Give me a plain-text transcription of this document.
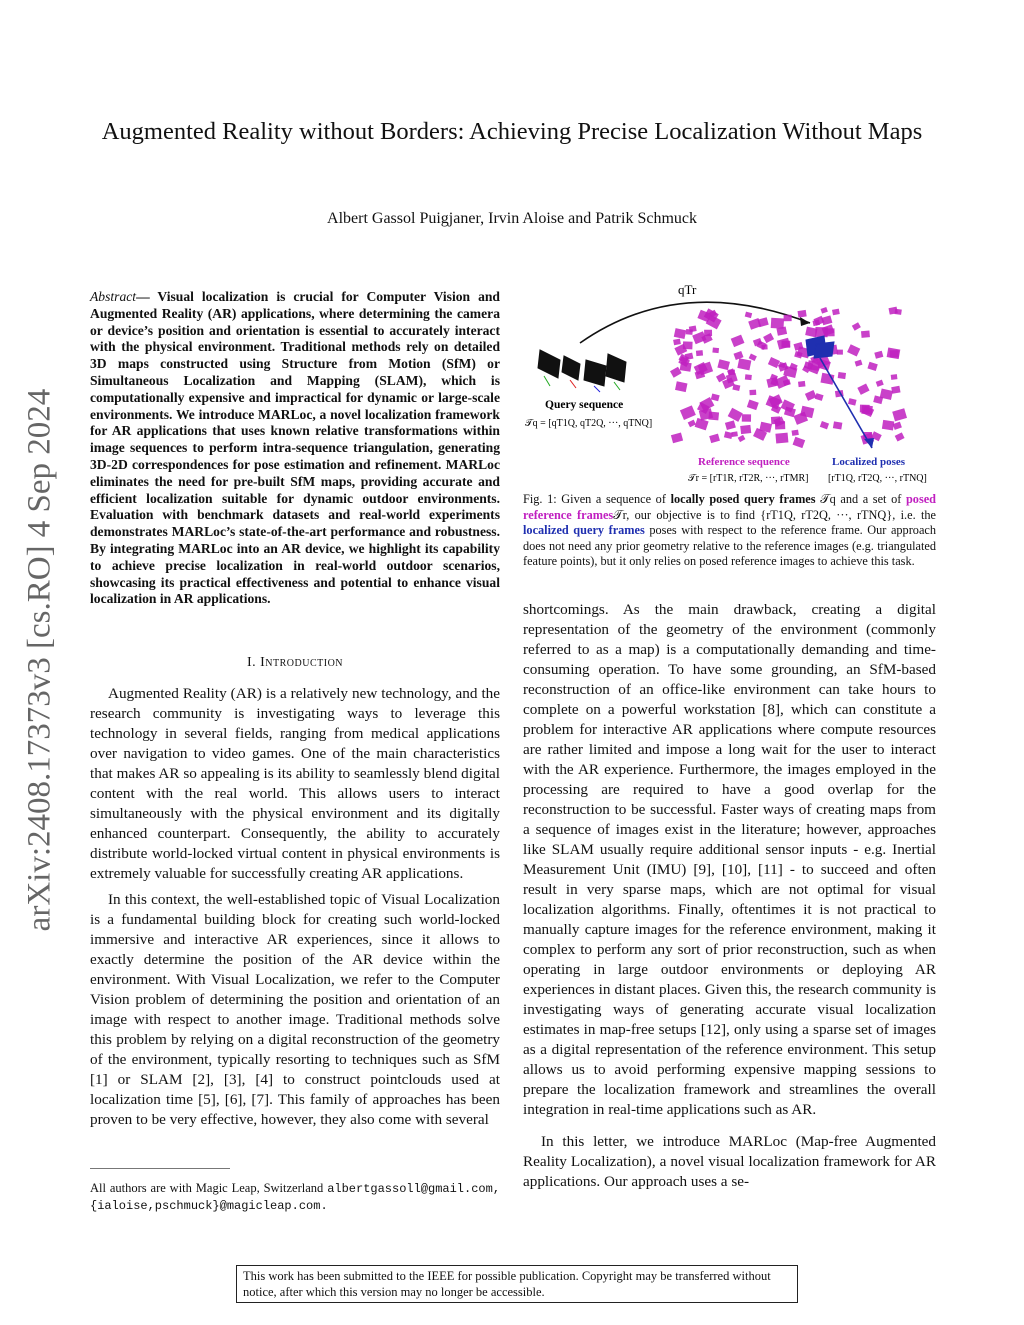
Augmented Reality without Borders: Achieving Precise Localization Without Maps
Albert Gassol Puigjaner, Irvin Aloise and Patrik Schmuck
arXiv:2408.17373v3 [cs.RO] 4 Sep 2024
Abstract— Visual localization is crucial for Computer Vision and Augmented Reality (AR) applications, where determining the camera or device’s position and orientation is essential to accurately interact with the physical environment. Traditional methods rely on detailed 3D maps constructed using Structure from Motion (SfM) or Simultaneous Localization and Mapping (SLAM), which is computationally expensive and impractical for dynamic or large-scale environments. We introduce MARLoc, a novel localization framework for AR applications that uses known relative transformations within image sequences to perform intra-sequence triangulation, generating 3D-2D correspondences for pose estimation and refinement. MARLoc eliminates the need for pre-built SfM maps, providing accurate and efficient localization suitable for dynamic outdoor environments. Evaluation with benchmark datasets and real-world experiments demonstrates MARLoc’s state-of-the-art performance and robustness. By integrating MARLoc into an AR device, we highlight its capability to achieve precise localization in real-world outdoor scenarios, showcasing its practical effectiveness and potential to enhance visual localization in AR applications.
I. Introduction

Augmented Reality (AR) is a relatively new technology, and the research community is investigating ways to leverage this technology in several fields, ranging from medical applications over navigation to video games. One of the main characteristics that makes AR so appealing is its ability to seamlessly blend digital content with the real world. This allows users to interact simultaneously with the physical environment and its digitally enhanced counterpart. Consequently, the ability to accurately distribute world-locked virtual content in physical environments is extremely valuable for successfully creating AR applications.

In this context, the well-established topic of Visual Localization is a fundamental building block for creating such world-locked immersive and interactive AR experiences, since it allows to exactly determine the position of the AR device within the environment. With Visual Localization, we refer to the Computer Vision problem of determining the position and orientation of an image with respect to another image. Traditional methods solve this problem by relying on a digital reconstruction of the geometry of the environment, typically resorting to techniques such as SfM [1] or SLAM [2], [3], [4] to construct pointclouds used at localization time [5], [6], [7]. This family of approaches has been proven to be very effective, however, they also come with several

All authors are with Magic Leap, Switzerland albertgassoll@gmail.com, {ialoise,pschmuck}@magicleap.com.
qTr
Query sequence
𝒯q = [qT1Q, qT2Q, ···, qTNQ]
Reference sequence
𝒯r = [rT1R, rT2R, ···, rTMR]
Localized poses
[rT1Q, rT2Q, ···, rTNQ]
Fig. 1: Given a sequence of locally posed query frames 𝒯q and a set of posed reference frames𝒯r, our objective is to find {rT1Q, rT2Q, ···, rTNQ}, i.e. the localized query frames poses with respect to the reference frame. Our approach does not need any prior geometry relative to the reference images (e.g. triangulated feature points), but it only relies on posed reference images to achieve this task.

shortcomings. As the main drawback, creating a digital representation of the geometry of the environment (commonly referred to as a map) is a computationally demanding and time-consuming operation. To have some grounding, an SfM-based reconstruction of an office-like environment can take hours to complete on a powerful workstation [8], which can constitute a problem for interactive AR applications where compute resources are rather limited and impose a long wait for the user to interact with the AR experience. Furthermore, the images employed in the processing are required to have a good overlap for the reconstruction to be successful. Faster ways of creating maps from a sequence of images exist in the literature; however, approaches like SLAM usually require additional sensor inputs - e.g. Inertial Measurement Unit (IMU) [9], [10], [11] - to succeed and often result in very sparse maps, which are not optimal for visual localization algorithms. Finally, oftentimes it is not practical to manually capture images for the reference environment, making it complex to perform any sort of prior reconstruction, such as when operating in large outdoor environments or deploying AR experiences in distant places. Given this, the research community is investigating ways of generating accurate visual localization estimates in map-free setups [12], only using a sparse set of images as a digital representation of the reference environment. This setup allows us to avoid performing expensive mapping sessions to prepare the localization framework and streamlines the overall integration in real-time applications such as AR.

In this letter, we introduce MARLoc (Map-free Augmented Reality Localization), a novel visual localization framework for AR applications. Our approach uses a se-

This work has been submitted to the IEEE for possible publication. Copyright may be transferred without notice, after which this version may no longer be accessible.
